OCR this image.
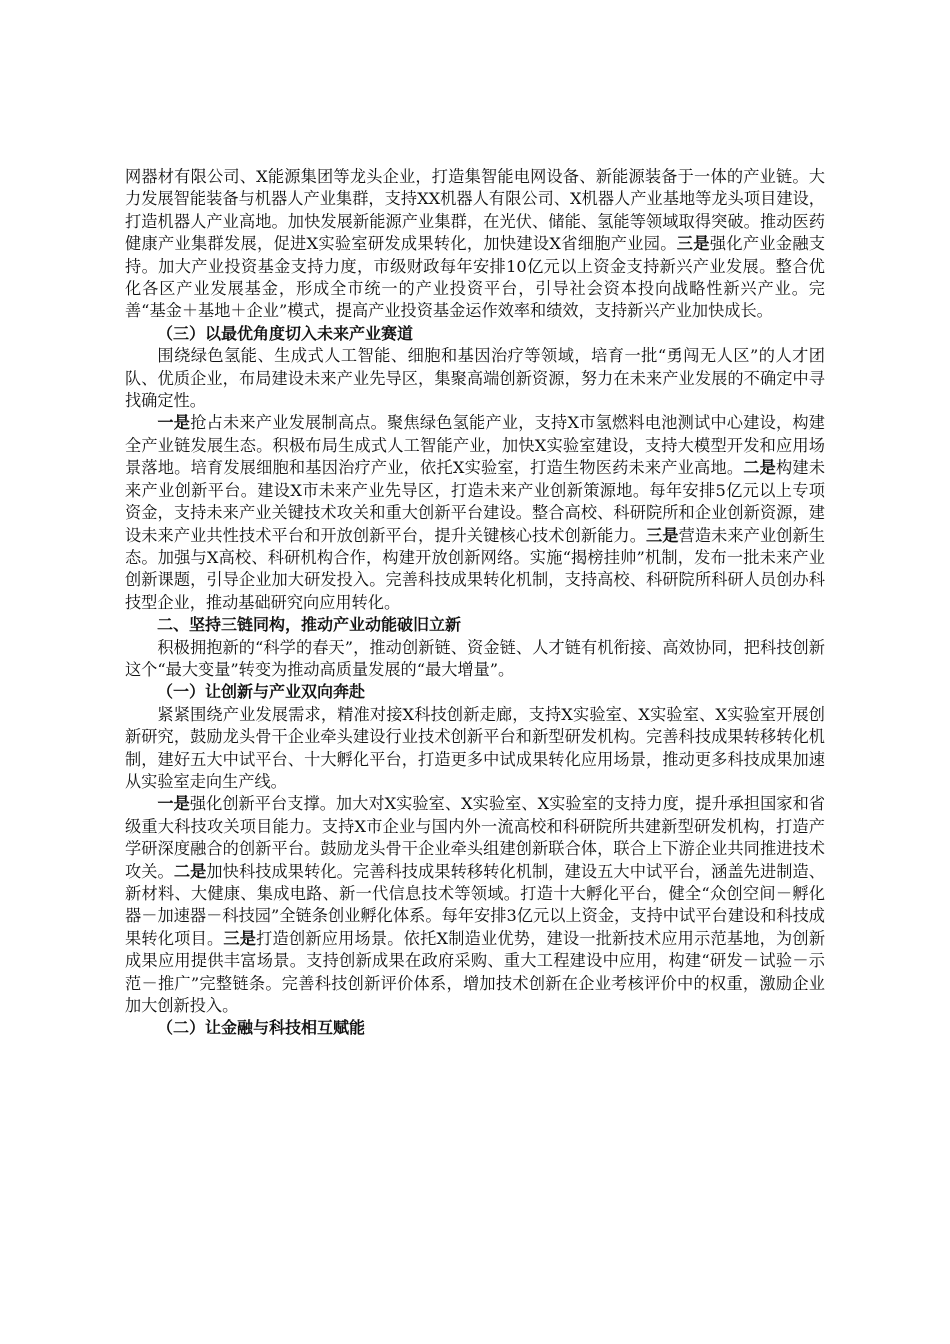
网器材有限公司、X能源集团等龙头企业，打造集智能电网设备、新能源装备于一体的产业链。大力发展智能装备与机器人产业集群，支持XX机器人有限公司、X机器人产业基地等龙头项目建设，打造机器人产业高地。加快发展新能源产业集群，在光伏、储能、氢能等领域取得突破。推动医药健康产业集群发展，促进X实验室研发成果转化，加快建设X省细胞产业园。三是强化产业金融支持。加大产业投资基金支持力度，市级财政每年安排10亿元以上资金支持新兴产业发展。整合优化各区产业发展基金，形成全市统一的产业投资平台，引导社会资本投向战略性新兴产业。完善“基金＋基地＋企业”模式，提高产业投资基金运作效率和绩效，支持新兴产业加快成长。

（三）以最优角度切入未来产业赛道

围绕绿色氢能、生成式人工智能、细胞和基因治疗等领域，培育一批“勇闯无人区”的人才团队、优质企业，布局建设未来产业先导区，集聚高端创新资源，努力在未来产业发展的不确定中寻找确定性。

一是抢占未来产业发展制高点。聚焦绿色氢能产业，支持X市氢燃料电池测试中心建设，构建全产业链发展生态。积极布局生成式人工智能产业，加快X实验室建设，支持大模型开发和应用场景落地。培育发展细胞和基因治疗产业，依托X实验室，打造生物医药未来产业高地。二是构建未来产业创新平台。建设X市未来产业先导区，打造未来产业创新策源地。每年安排5亿元以上专项资金，支持未来产业关键技术攻关和重大创新平台建设。整合高校、科研院所和企业创新资源，建设未来产业共性技术平台和开放创新平台，提升关键核心技术创新能力。三是营造未来产业创新生态。加强与X高校、科研机构合作，构建开放创新网络。实施“揭榜挂帅”机制，发布一批未来产业创新课题，引导企业加大研发投入。完善科技成果转化机制，支持高校、科研院所科研人员创办科技型企业，推动基础研究向应用转化。

二、坚持三链同构，推动产业动能破旧立新

积极拥抱新的“科学的春天”，推动创新链、资金链、人才链有机衔接、高效协同，把科技创新这个“最大变量”转变为推动高质量发展的“最大增量”。

（一）让创新与产业双向奔赴

紧紧围绕产业发展需求，精准对接X科技创新走廊，支持X实验室、X实验室、X实验室开展创新研究，鼓励龙头骨干企业牵头建设行业技术创新平台和新型研发机构。完善科技成果转移转化机制，建好五大中试平台、十大孵化平台，打造更多中试成果转化应用场景，推动更多科技成果加速从实验室走向生产线。

一是强化创新平台支撑。加大对X实验室、X实验室、X实验室的支持力度，提升承担国家和省级重大科技攻关项目能力。支持X市企业与国内外一流高校和科研院所共建新型研发机构，打造产学研深度融合的创新平台。鼓励龙头骨干企业牵头组建创新联合体，联合上下游企业共同推进技术攻关。二是加快科技成果转化。完善科技成果转移转化机制，建设五大中试平台，涵盖先进制造、新材料、大健康、集成电路、新一代信息技术等领域。打造十大孵化平台，健全“众创空间－孵化器－加速器－科技园”全链条创业孵化体系。每年安排3亿元以上资金，支持中试平台建设和科技成果转化项目。三是打造创新应用场景。依托X制造业优势，建设一批新技术应用示范基地，为创新成果应用提供丰富场景。支持创新成果在政府采购、重大工程建设中应用，构建“研发－试验－示范－推广”完整链条。完善科技创新评价体系，增加技术创新在企业考核评价中的权重，激励企业加大创新投入。

（二）让金融与科技相互赋能
